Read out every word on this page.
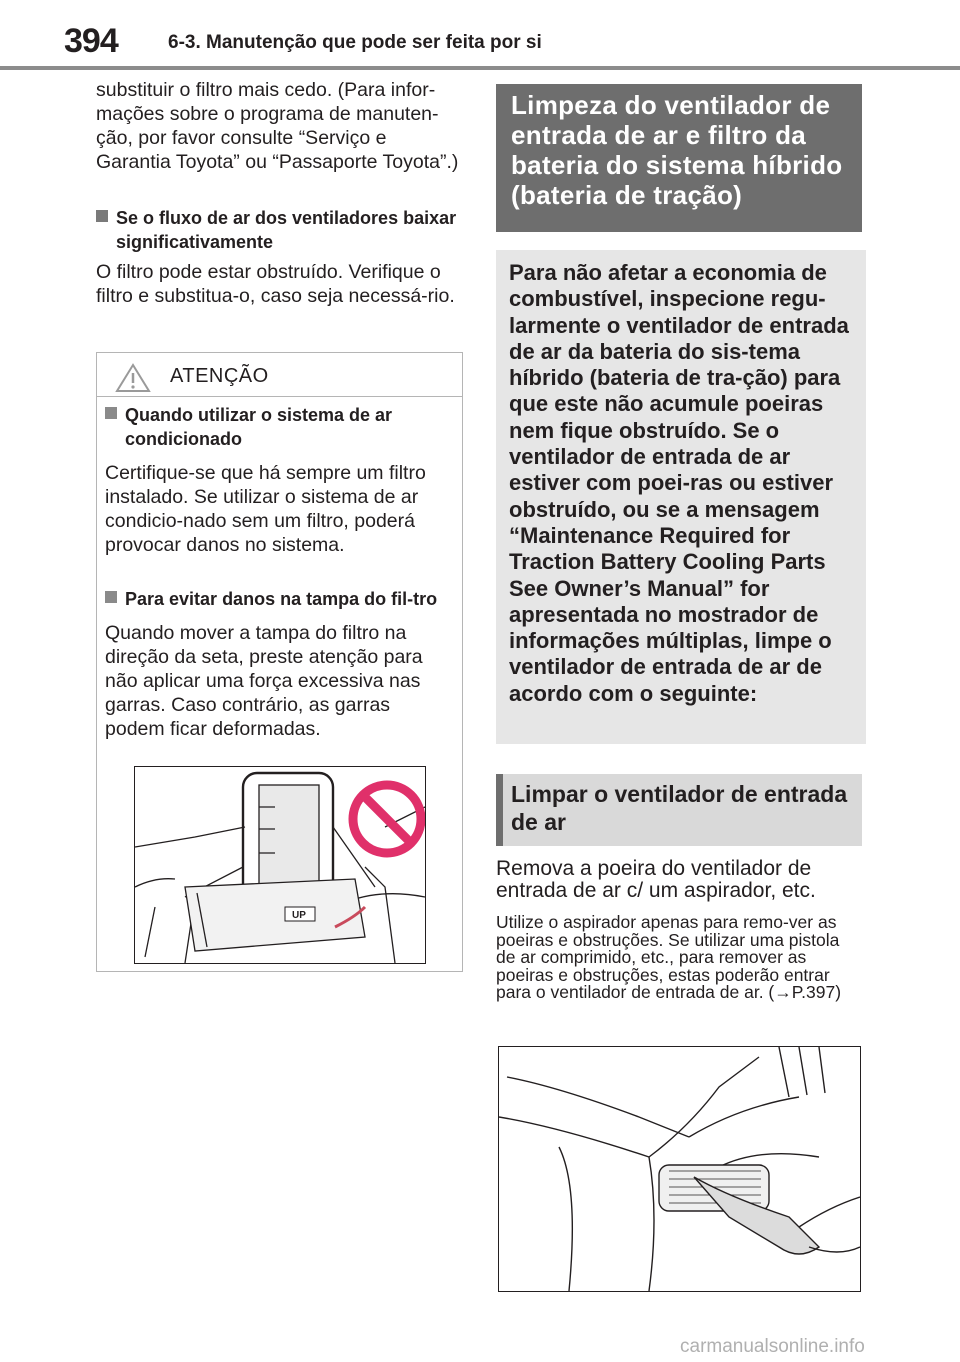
394	6-3. Manutenção que pode ser feita por si

substituir o filtro mais cedo. (Para infor-mações sobre o programa de manuten-ção, por favor consulte “Serviço e Garantia Toyota” ou “Passaporte Toyota”.)

Se o fluxo de ar dos ventiladores baixar significativamente

O filtro pode estar obstruído. Verifique o filtro e substitua-o, caso seja necessá-rio.

ATENÇÃO

Quando utilizar o sistema de ar condicionado

Certifique-se que há sempre um filtro instalado. Se utilizar o sistema de ar condicio-nado sem um filtro, poderá provocar danos no sistema.

Para evitar danos na tampa do fil-tro

Quando mover a tampa do filtro na direção da seta, preste atenção para não aplicar uma força excessiva nas garras. Caso contrário, as garras podem ficar deformadas.

UP
Limpeza do ventilador de entrada de ar e filtro da bateria do sistema híbrido (bateria de tração)
Para não afetar a economia de combustível, inspecione regu-larmente o ventilador de entrada de ar da bateria do sis-tema híbrido (bateria de tra-ção) para que este não acumule poeiras nem fique obstruído. Se o ventilador de entrada de ar estiver com poei-ras ou estiver obstruído, ou se a mensagem “Maintenance Required for Traction Battery Cooling Parts See Owner’s Manual” for apresentada no mostrador de informações múltiplas, limpe o ventilador de entrada de ar de acordo com o seguinte:
Limpar o ventilador de entrada de ar
Remova a poeira do ventilador de entrada de ar c/ um aspirador, etc.
Utilize o aspirador apenas para remo-ver as poeiras e obstruções. Se utilizar uma pistola de ar comprimido, etc., para remover as poeiras e obstruções, estas poderão entrar para o ventilador de entrada de ar. (→P.397)
carmanualsonline.info
